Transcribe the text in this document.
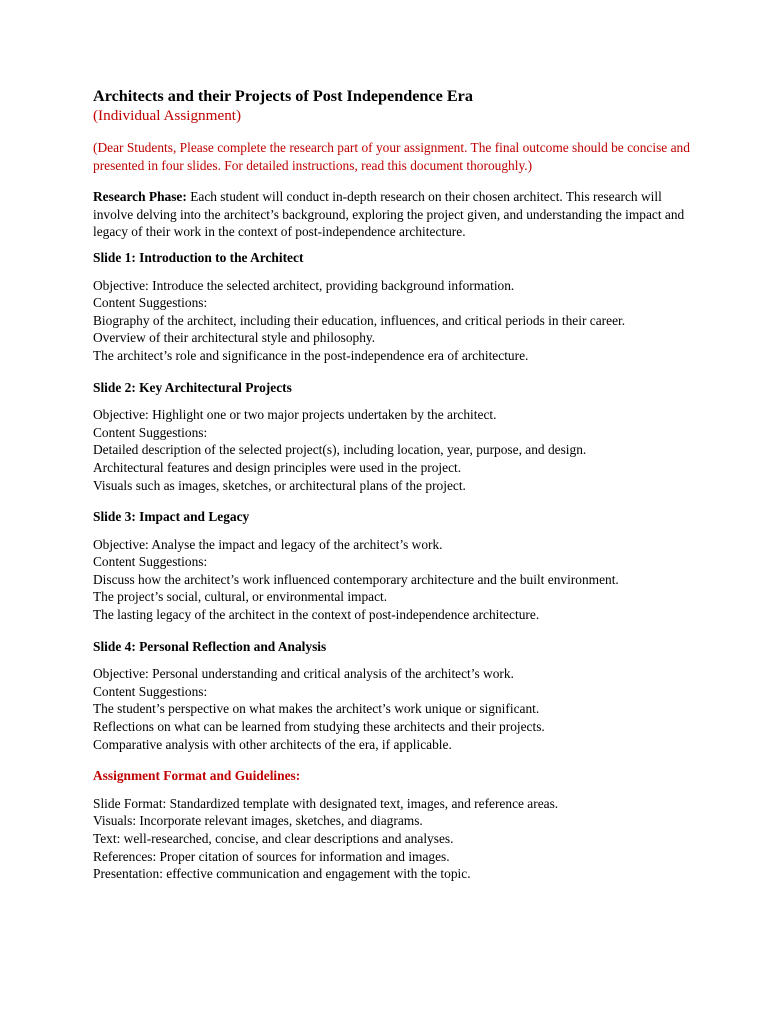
Architects and their Projects of Post Independence Era

(Individual Assignment)

(Dear Students, Please complete the research part of your assignment. The final outcome should be concise and presented in four slides. For detailed instructions, read this document thoroughly.)

Research Phase: Each student will conduct in-depth research on their chosen architect. This research will involve delving into the architect’s background, exploring the project given, and understanding the impact and legacy of their work in the context of post-independence architecture.

Slide 1: Introduction to the Architect

Objective: Introduce the selected architect, providing background information.
Content Suggestions:
Biography of the architect, including their education, influences, and critical periods in their career.
Overview of their architectural style and philosophy.
The architect’s role and significance in the post-independence era of architecture.

Slide 2: Key Architectural Projects

Objective: Highlight one or two major projects undertaken by the architect.
Content Suggestions:
Detailed description of the selected project(s), including location, year, purpose, and design.
Architectural features and design principles were used in the project.
Visuals such as images, sketches, or architectural plans of the project.

Slide 3: Impact and Legacy

Objective: Analyse the impact and legacy of the architect’s work.
Content Suggestions:
Discuss how the architect’s work influenced contemporary architecture and the built environment.
The project’s social, cultural, or environmental impact.
The lasting legacy of the architect in the context of post-independence architecture.

Slide 4: Personal Reflection and Analysis

Objective: Personal understanding and critical analysis of the architect’s work.
Content Suggestions:
The student’s perspective on what makes the architect’s work unique or significant.
Reflections on what can be learned from studying these architects and their projects.
Comparative analysis with other architects of the era, if applicable.

Assignment Format and Guidelines:

Slide Format: Standardized template with designated text, images, and reference areas.
Visuals: Incorporate relevant images, sketches, and diagrams.
Text: well-researched, concise, and clear descriptions and analyses.
References: Proper citation of sources for information and images.
Presentation: effective communication and engagement with the topic.
